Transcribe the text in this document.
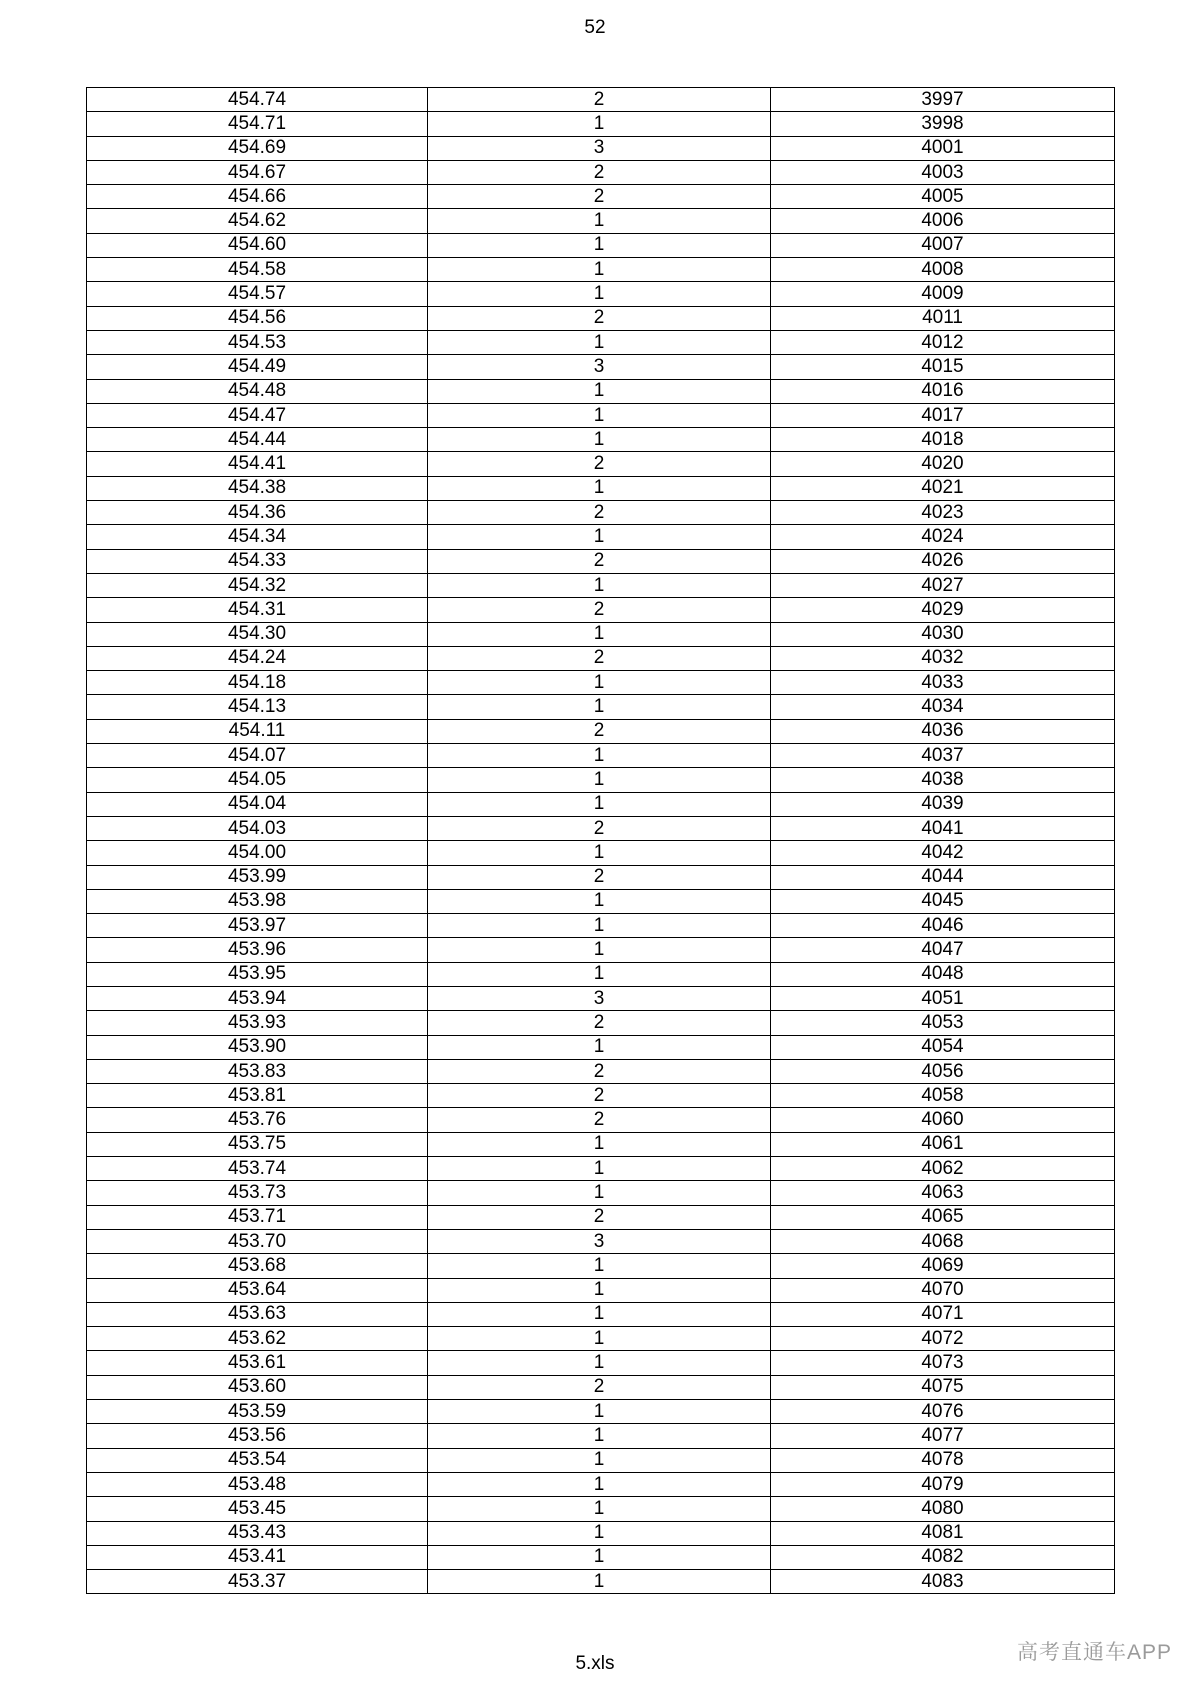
52
454.74	2	3997
454.71	1	3998
454.69	3	4001
454.67	2	4003
454.66	2	4005
454.62	1	4006
454.60	1	4007
454.58	1	4008
454.57	1	4009
454.56	2	4011
454.53	1	4012
454.49	3	4015
454.48	1	4016
454.47	1	4017
454.44	1	4018
454.41	2	4020
454.38	1	4021
454.36	2	4023
454.34	1	4024
454.33	2	4026
454.32	1	4027
454.31	2	4029
454.30	1	4030
454.24	2	4032
454.18	1	4033
454.13	1	4034
454.11	2	4036
454.07	1	4037
454.05	1	4038
454.04	1	4039
454.03	2	4041
454.00	1	4042
453.99	2	4044
453.98	1	4045
453.97	1	4046
453.96	1	4047
453.95	1	4048
453.94	3	4051
453.93	2	4053
453.90	1	4054
453.83	2	4056
453.81	2	4058
453.76	2	4060
453.75	1	4061
453.74	1	4062
453.73	1	4063
453.71	2	4065
453.70	3	4068
453.68	1	4069
453.64	1	4070
453.63	1	4071
453.62	1	4072
453.61	1	4073
453.60	2	4075
453.59	1	4076
453.56	1	4077
453.54	1	4078
453.48	1	4079
453.45	1	4080
453.43	1	4081
453.41	1	4082
453.37	1	4083
5.xls	高考直通车APP
